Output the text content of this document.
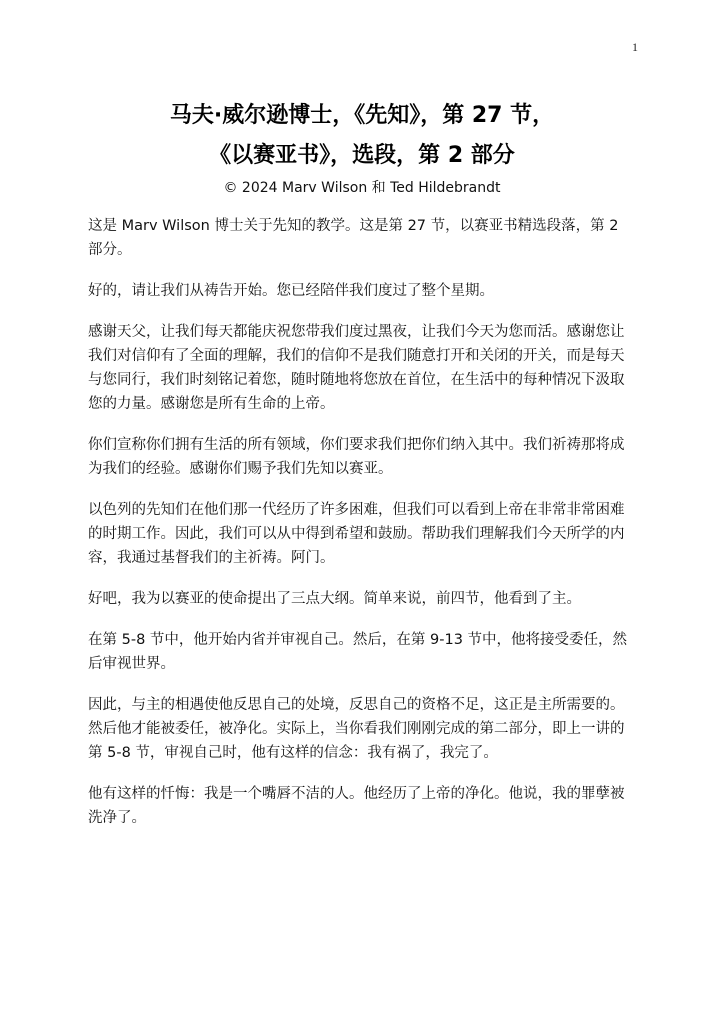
1
马夫·威尔逊博士，《先知》，第 27 节，
《以赛亚书》，选段，第 2 部分
© 2024 Marv Wilson 和 Ted Hildebrandt

这是 Marv Wilson 博士关于先知的教学。这是第 27 节，以赛亚书精选段落，第 2 部分。

好的，请让我们从祷告开始。您已经陪伴我们度过了整个星期。

感谢天父，让我们每天都能庆祝您带我们度过黑夜，让我们今天为您而活。感谢您让我们对信仰有了全面的理解，我们的信仰不是我们随意打开和关闭的开关，而是每天与您同行，我们时刻铭记着您，随时随地将您放在首位，在生活中的每种情况下汲取您的力量。感谢您是所有生命的上帝。

你们宣称你们拥有生活的所有领域，你们要求我们把你们纳入其中。我们祈祷那将成为我们的经验。感谢你们赐予我们先知以赛亚。

以色列的先知们在他们那一代经历了许多困难，但我们可以看到上帝在非常非常困难的时期工作。因此，我们可以从中得到希望和鼓励。帮助我们理解我们今天所学的内容，我通过基督我们的主祈祷。阿门。

好吧，我为以赛亚的使命提出了三点大纲。简单来说，前四节，他看到了主。

在第 5-8 节中，他开始内省并审视自己。然后，在第 9-13 节中，他将接受委任，然后审视世界。

因此，与主的相遇使他反思自己的处境，反思自己的资格不足，这正是主所需要的。然后他才能被委任，被净化。实际上，当你看我们刚刚完成的第二部分，即上一讲的第 5-8 节，审视自己时，他有这样的信念：我有祸了，我完了。

他有这样的忏悔：我是一个嘴唇不洁的人。他经历了上帝的净化。他说，我的罪孽被洗净了。
